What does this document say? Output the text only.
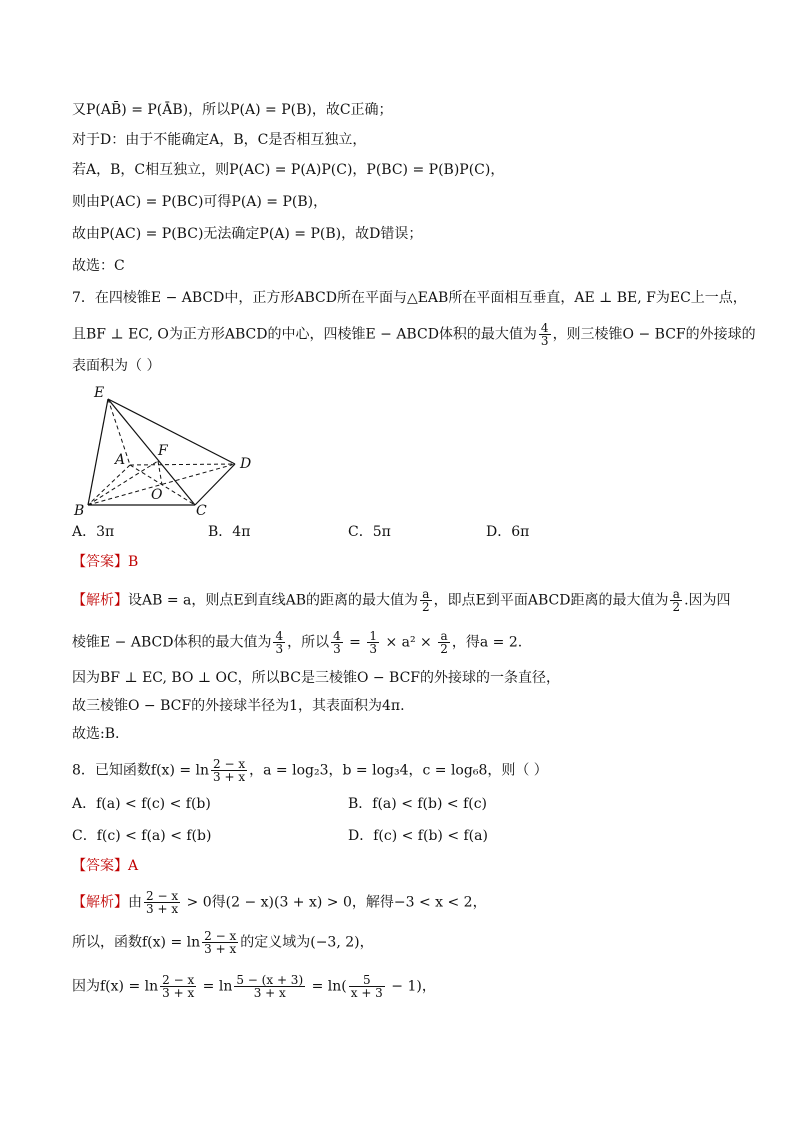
又P(AB̄) = P(ĀB)，所以P(A) = P(B)，故C正确；
对于D：由于不能确定A，B，C是否相互独立，
若A，B，C相互独立，则P(AC) = P(A)P(C)，P(BC) = P(B)P(C)，
则由P(AC) = P(BC)可得P(A) = P(B)，
故由P(AC) = P(BC)无法确定P(A) = P(B)，故D错误；
故选：C
7．在四棱锥E − ABCD中，正方形ABCD所在平面与△EAB所在平面相互垂直，AE ⊥ BE, F为EC上一点，
且BF ⊥ EC, O为正方形ABCD的中心，四棱锥E − ABCD体积的最大值为 $\frac{4}{3}$ ，则三棱锥O − BCF的外接球的
表面积为（ ）
E
A
F
D
O
B	C
A．3π	B．4π	C．5π	D．6π
【答案】B
【解析】设AB = a，则点E到直线AB的距离的最大值为 $\frac{a}{2}$ ，即点E到平面ABCD距离的最大值为 $\frac{a}{2}$ .因为四
棱锥E − ABCD体积的最大值为 $\frac{4}{3}$ ，所以 $\frac{4}{3} = \frac{1}{3} \times a^2 \times \frac{a}{2}$ ，得a = 2.
因为BF ⊥ EC, BO ⊥ OC，所以BC是三棱锥O − BCF的外接球的一条直径，
故三棱锥O − BCF的外接球半径为1，其表面积为4π.
故选:B.
8．已知函数$f(x) = \ln \frac{2 - x}{3 + x}$ ，a = log₂3，b = log₃4，c = log₆8，则（ ）
A．f(a) < f(c) < f(b)	B．f(a) < f(b) < f(c)
C．f(c) < f(a) < f(b)	D．f(c) < f(b) < f(a)
【答案】A
【解析】由 $\frac{2 - x}{3 + x} > 0$得(2 − x)(3 + x) > 0，解得−3 < x < 2，
所以，函数$f(x) = \ln \frac{2 - x}{3 + x}$ 的定义域为(−3, 2)，
因为$f(x) = \ln \frac{2 - x}{3 + x} = \ln \frac{5 - (x + 3)}{3 + x} = \ln( \frac{5}{x + 3} - 1)$，
